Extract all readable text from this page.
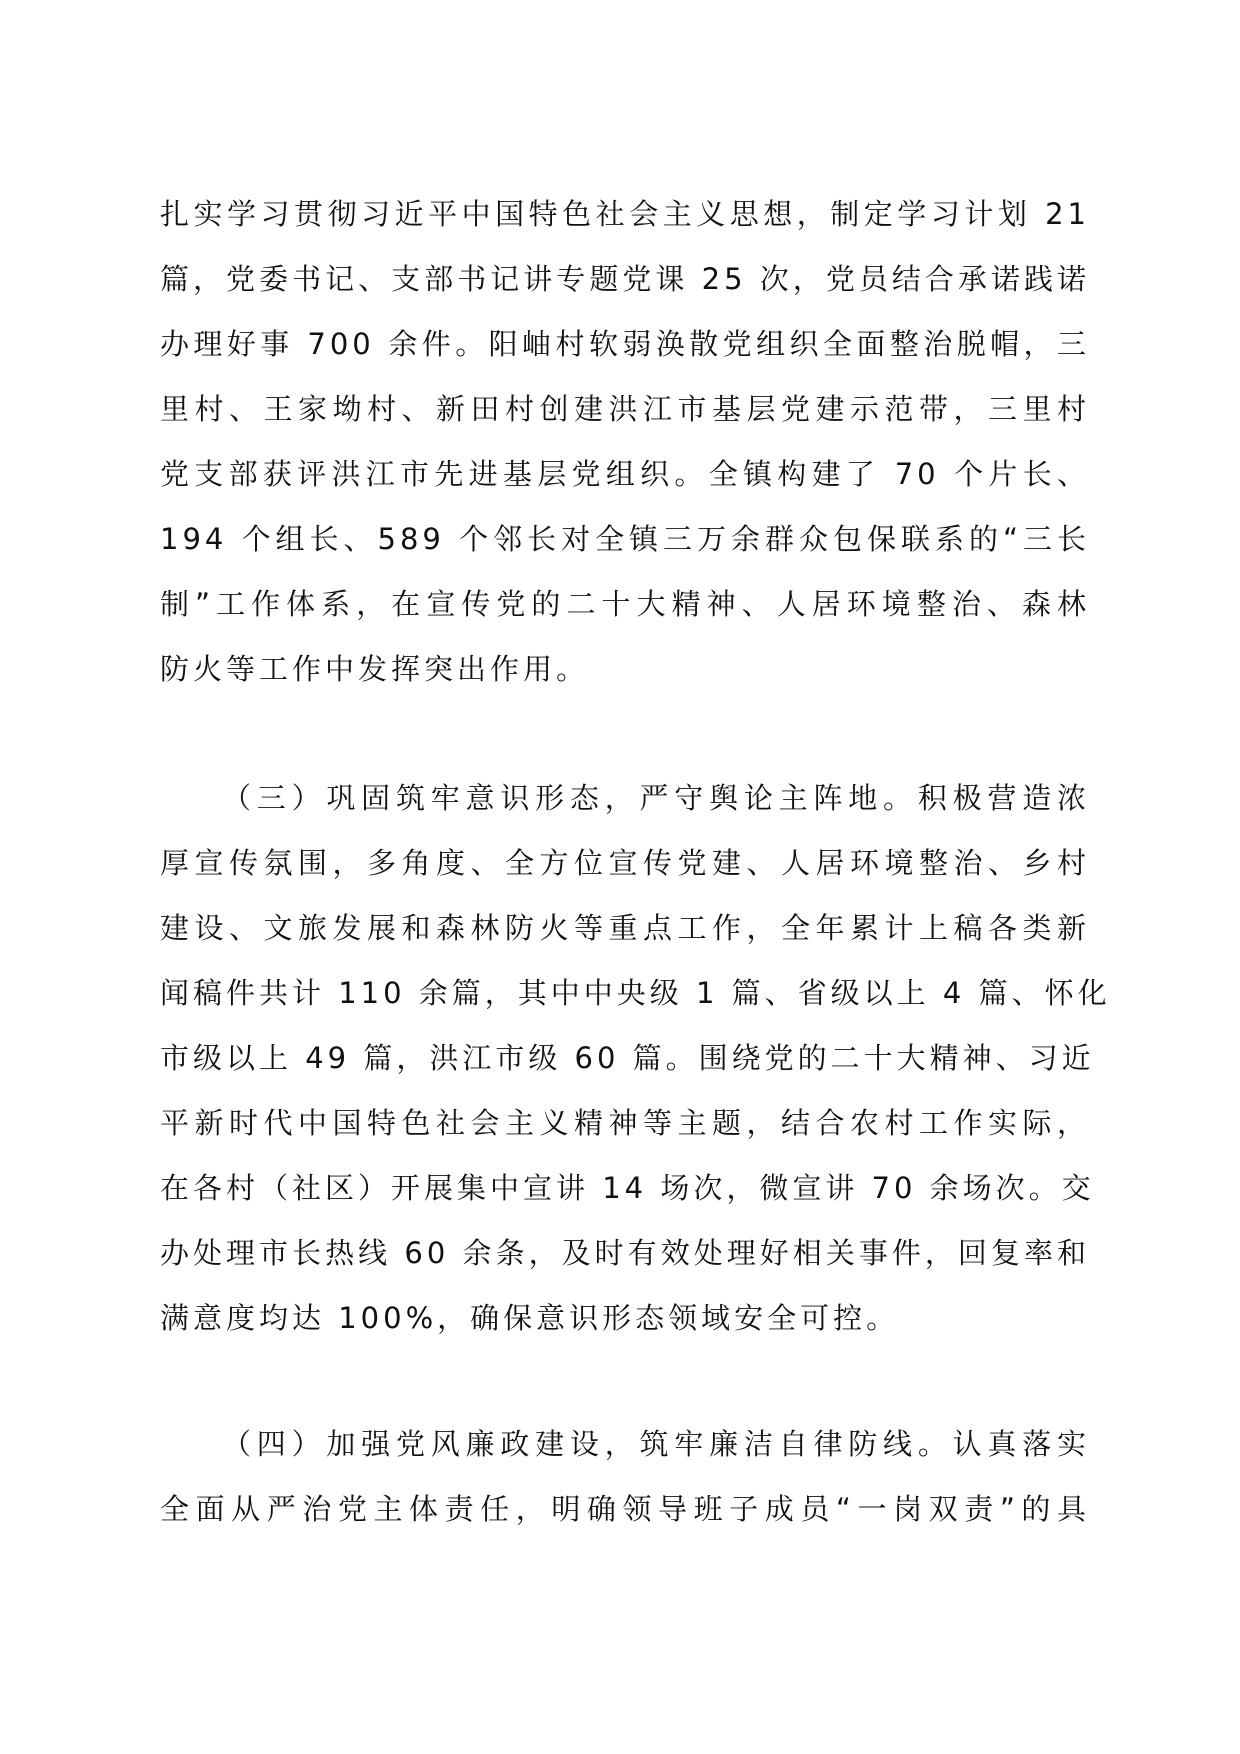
扎实学习贯彻习近平中国特色社会主义思想，制定学习计划 21
篇，党委书记、支部书记讲专题党课 25 次，党员结合承诺践诺
办理好事 700 余件。阳岫村软弱涣散党组织全面整治脱帽，三
里村、王家坳村、新田村创建洪江市基层党建示范带，三里村
党支部获评洪江市先进基层党组织。全镇构建了 70 个片长、
194 个组长、589 个邻长对全镇三万余群众包保联系的“三长
制”工作体系，在宣传党的二十大精神、人居环境整治、森林
防火等工作中发挥突出作用。
（三）巩固筑牢意识形态，严守舆论主阵地。积极营造浓
厚宣传氛围，多角度、全方位宣传党建、人居环境整治、乡村
建设、文旅发展和森林防火等重点工作，全年累计上稿各类新
闻稿件共计 110 余篇，其中中央级 1 篇、省级以上 4 篇、怀化
市级以上 49 篇，洪江市级 60 篇。围绕党的二十大精神、习近
平新时代中国特色社会主义精神等主题，结合农村工作实际，
在各村（社区）开展集中宣讲 14 场次，微宣讲 70 余场次。交
办处理市长热线 60 余条，及时有效处理好相关事件，回复率和
满意度均达 100%，确保意识形态领域安全可控。
（四）加强党风廉政建设，筑牢廉洁自律防线。认真落实
全面从严治党主体责任，明确领导班子成员“一岗双责”的具
